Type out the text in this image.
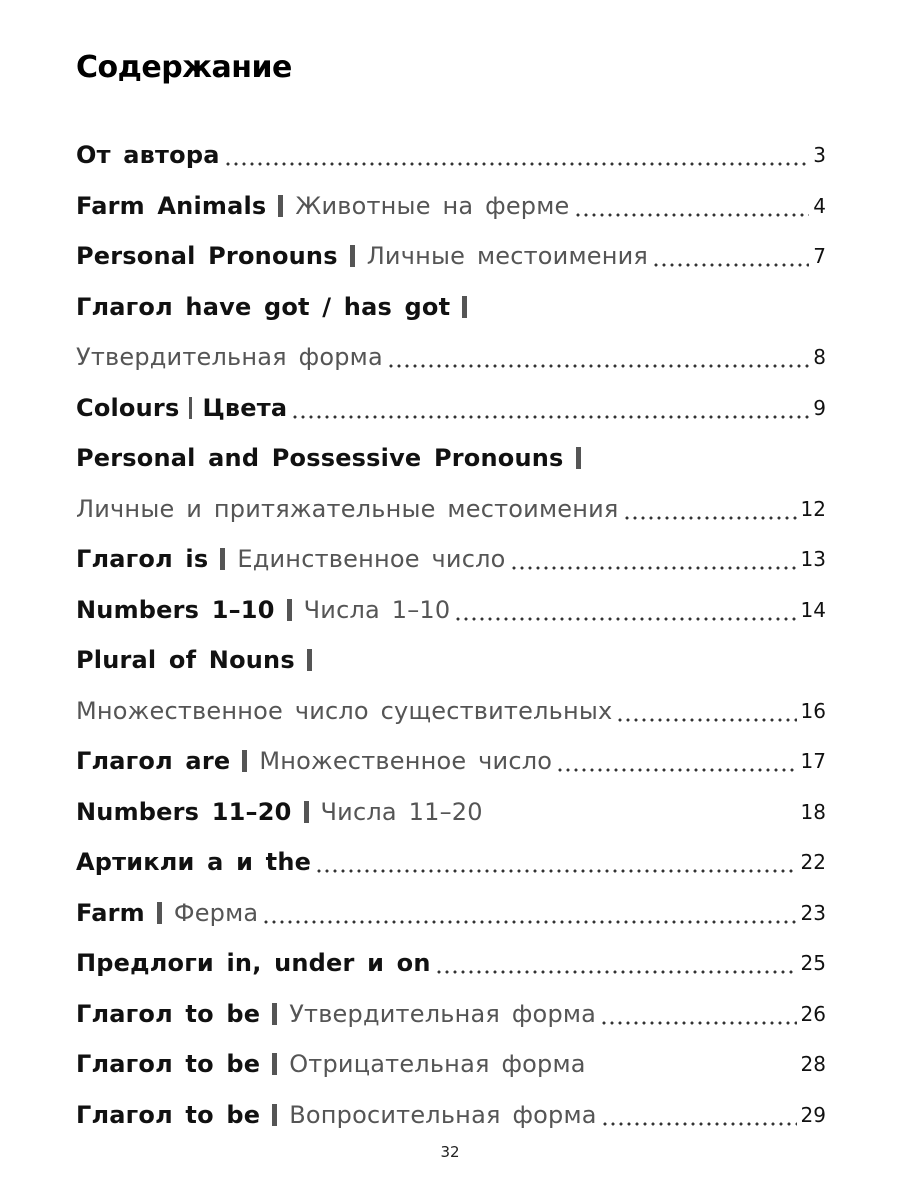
Содержание
От автора	3
Farm Animals Животные на ферме	4
Personal Pronouns Личные местоимения	7
Глагол have got / has got
Утвердительная форма	8
Colours Цвета	9
Personal and Possessive Pronouns
Личные и притяжательные местоимения	12
Глагол is Единственное число	13
Numbers 1–10 Числа 1–10	14
Plural of Nouns
Множественное число существительных	16
Глагол are Множественное число	17
Numbers 11–20 Числа 11–20	18
Артикли a и the	22
Farm Ферма	23
Предлоги in, under и on	25
Глагол to be Утвердительная форма	26
Глагол to be Отрицательная форма	28
Глагол to be Вопросительная форма	29
32
